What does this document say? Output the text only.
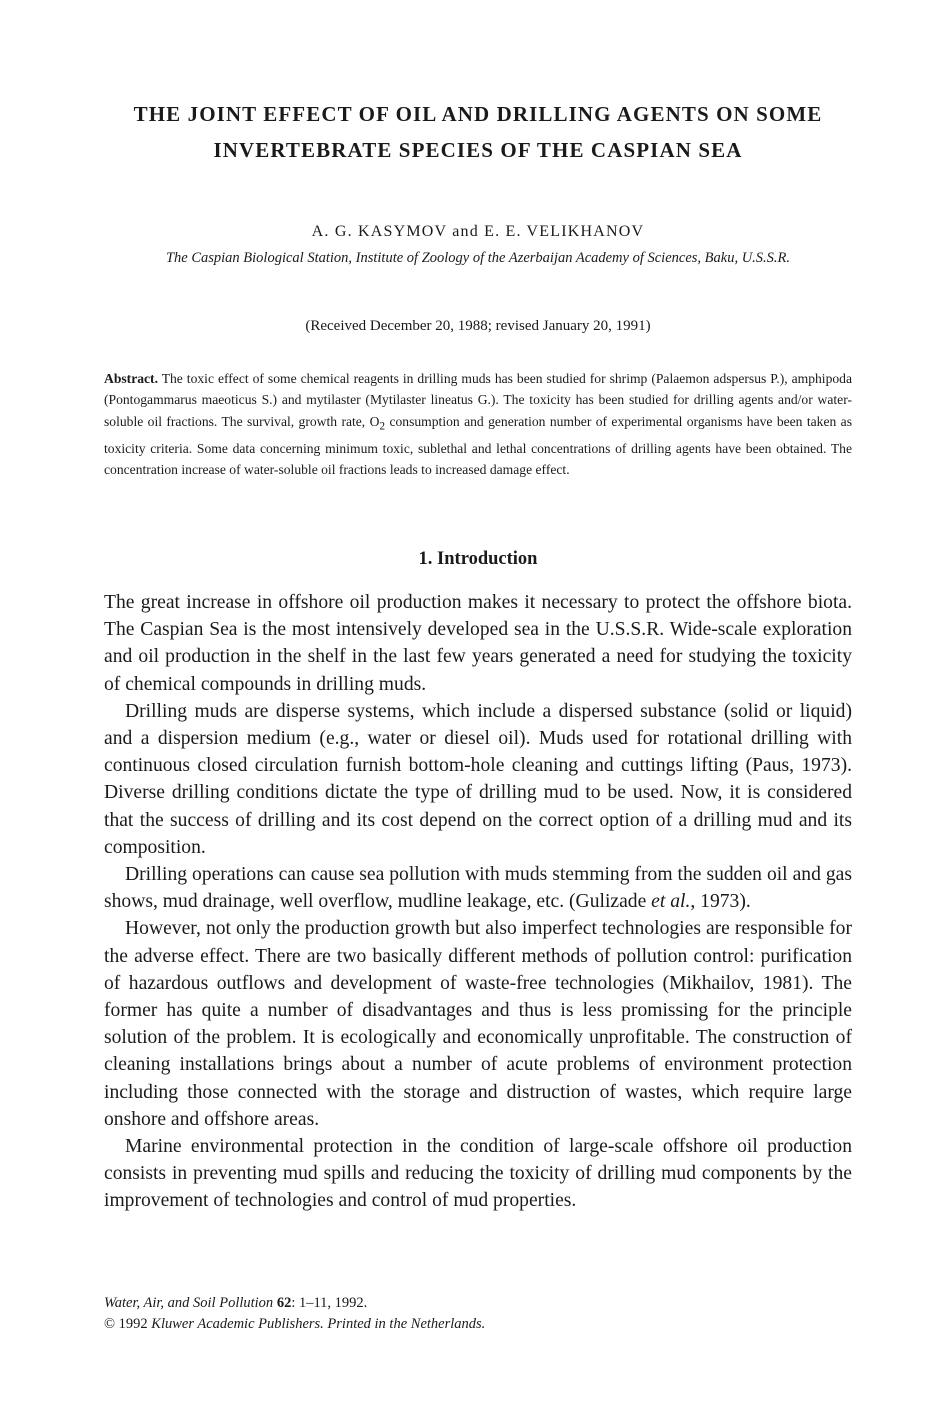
THE JOINT EFFECT OF OIL AND DRILLING AGENTS ON SOME
INVERTEBRATE SPECIES OF THE CASPIAN SEA
A. G. KASYMOV and E. E. VELIKHANOV
The Caspian Biological Station, Institute of Zoology of the Azerbaijan Academy of Sciences, Baku, U.S.S.R.
(Received December 20, 1988; revised January 20, 1991)
Abstract. The toxic effect of some chemical reagents in drilling muds has been studied for shrimp (Palaemon adspersus P.), amphipoda (Pontogammarus maeoticus S.) and mytilaster (Mytilaster lineatus G.). The toxicity has been studied for drilling agents and/or water-soluble oil fractions. The survival, growth rate, $O_2$ consumption and generation number of experimental organisms have been taken as toxicity criteria. Some data concerning minimum toxic, sublethal and lethal concentrations of drilling agents have been obtained. The concentration increase of water-soluble oil fractions leads to increased damage effect.
1. Introduction

The great increase in offshore oil production makes it necessary to protect the offshore biota. The Caspian Sea is the most intensively developed sea in the U.S.S.R. Wide-scale exploration and oil production in the shelf in the last few years generated a need for studying the toxicity of chemical compounds in drilling muds.

Drilling muds are disperse systems, which include a dispersed substance (solid or liquid) and a dispersion medium (e.g., water or diesel oil). Muds used for rotational drilling with continuous closed circulation furnish bottom-hole cleaning and cuttings lifting (Paus, 1973). Diverse drilling conditions dictate the type of drilling mud to be used. Now, it is considered that the success of drilling and its cost depend on the correct option of a drilling mud and its composition.

Drilling operations can cause sea pollution with muds stemming from the sudden oil and gas shows, mud drainage, well overflow, mudline leakage, etc. (Gulizade et al., 1973).

However, not only the production growth but also imperfect technologies are responsible for the adverse effect. There are two basically different methods of pollution control: purification of hazardous outflows and development of waste-free technologies (Mikhailov, 1981). The former has quite a number of disadvantages and thus is less promissing for the principle solution of the problem. It is ecologically and economically unprofitable. The construction of cleaning installations brings about a number of acute problems of environment protection including those connected with the storage and distruction of wastes, which require large onshore and offshore areas.

Marine environmental protection in the condition of large-scale offshore oil production consists in preventing mud spills and reducing the toxicity of drilling mud components by the improvement of technologies and control of mud properties.

Water, Air, and Soil Pollution 62: 1–11, 1992.
© 1992 Kluwer Academic Publishers. Printed in the Netherlands.
